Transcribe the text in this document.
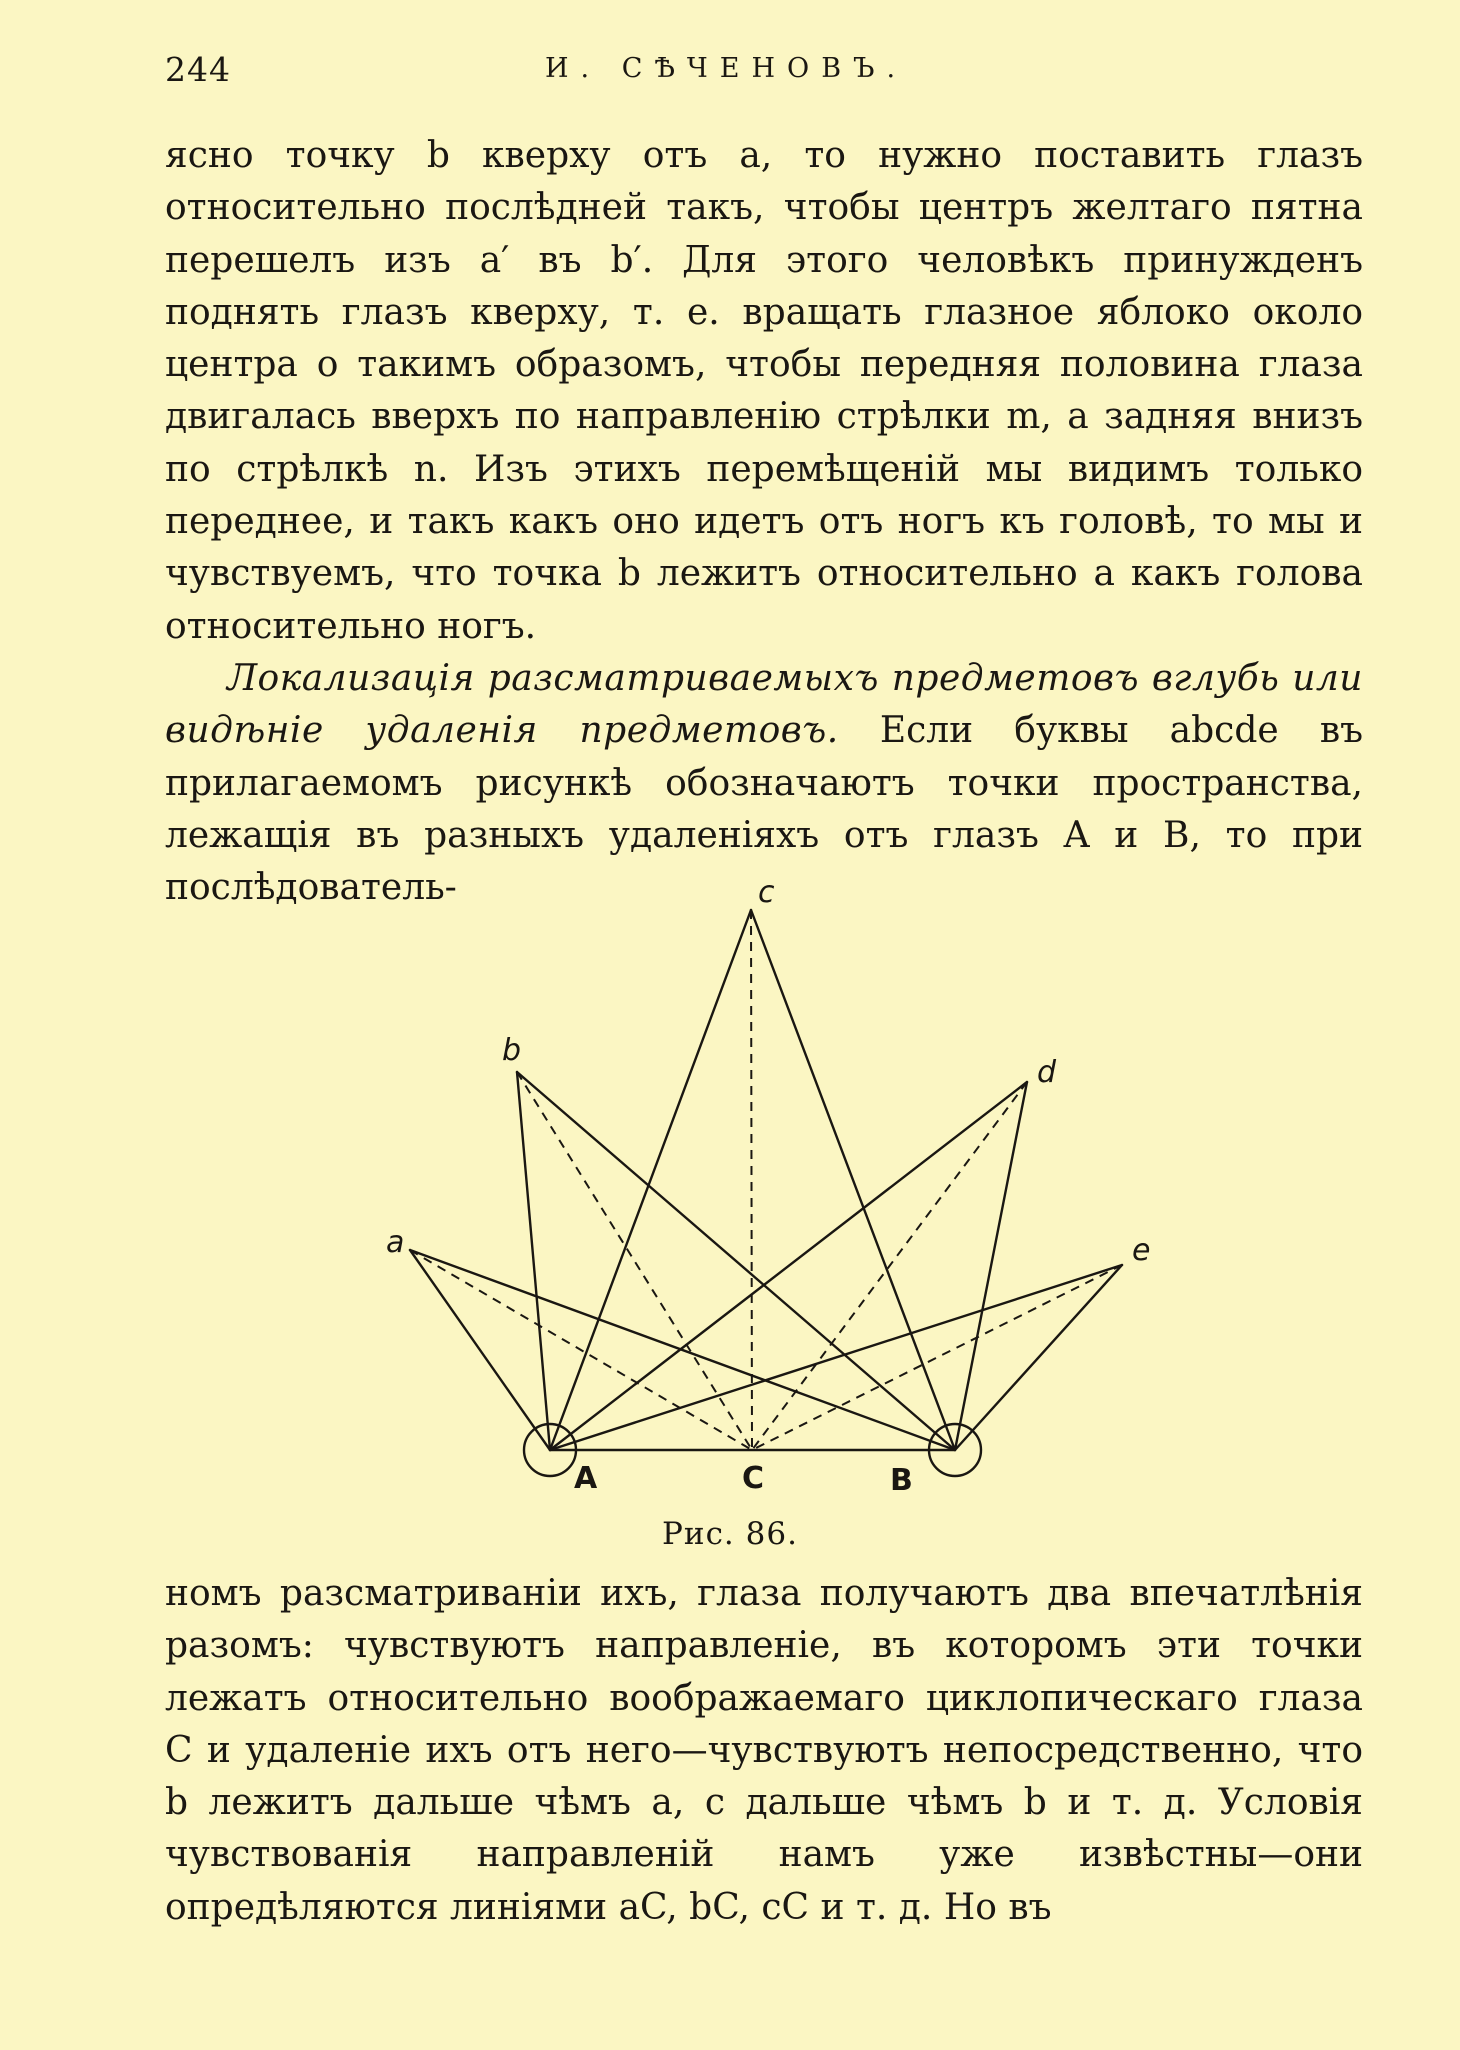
244	И. СѢЧЕНОВЪ.

ясно точку b кверху отъ a, то нужно поставить глазъ относительно послѣдней такъ, чтобы центръ желтаго пятна перешелъ изъ a′ въ b′. Для этого человѣкъ принужденъ поднять глазъ кверху, т. е. вращать глазное яблоко около центра o такимъ образомъ, чтобы передняя половина глаза двигалась вверхъ по направленію стрѣлки m, а задняя внизъ по стрѣлкѣ n. Изъ этихъ перемѣщеній мы видимъ только переднее, и такъ какъ оно идетъ отъ ногъ къ головѣ, то мы и чувствуемъ, что точка b лежитъ относительно a какъ голова относительно ногъ.

Локализація разсматриваемыхъ предметовъ вглубь или видѣніе удаленія предметовъ. Если буквы abcde въ прилагаемомъ рисункѣ обозначаютъ точки пространства, лежащія въ разныхъ удаленіяхъ отъ глазъ A и B, то при послѣдователь-	c
b
d
a	e
A	C	B
Рис. 86.

номъ разсматриваніи ихъ, глаза получаютъ два впечатлѣнія разомъ: чувствуютъ направленіе, въ которомъ эти точки лежатъ относительно воображаемаго циклопическаго глаза C и удаленіе ихъ отъ него—чувствуютъ непосредственно, что b лежитъ дальше чѣмъ a, c дальше чѣмъ b и т. д. Условія чувствованія направленій намъ уже извѣстны—они опредѣляются линіями aC, bC, cC и т. д. Но въ
